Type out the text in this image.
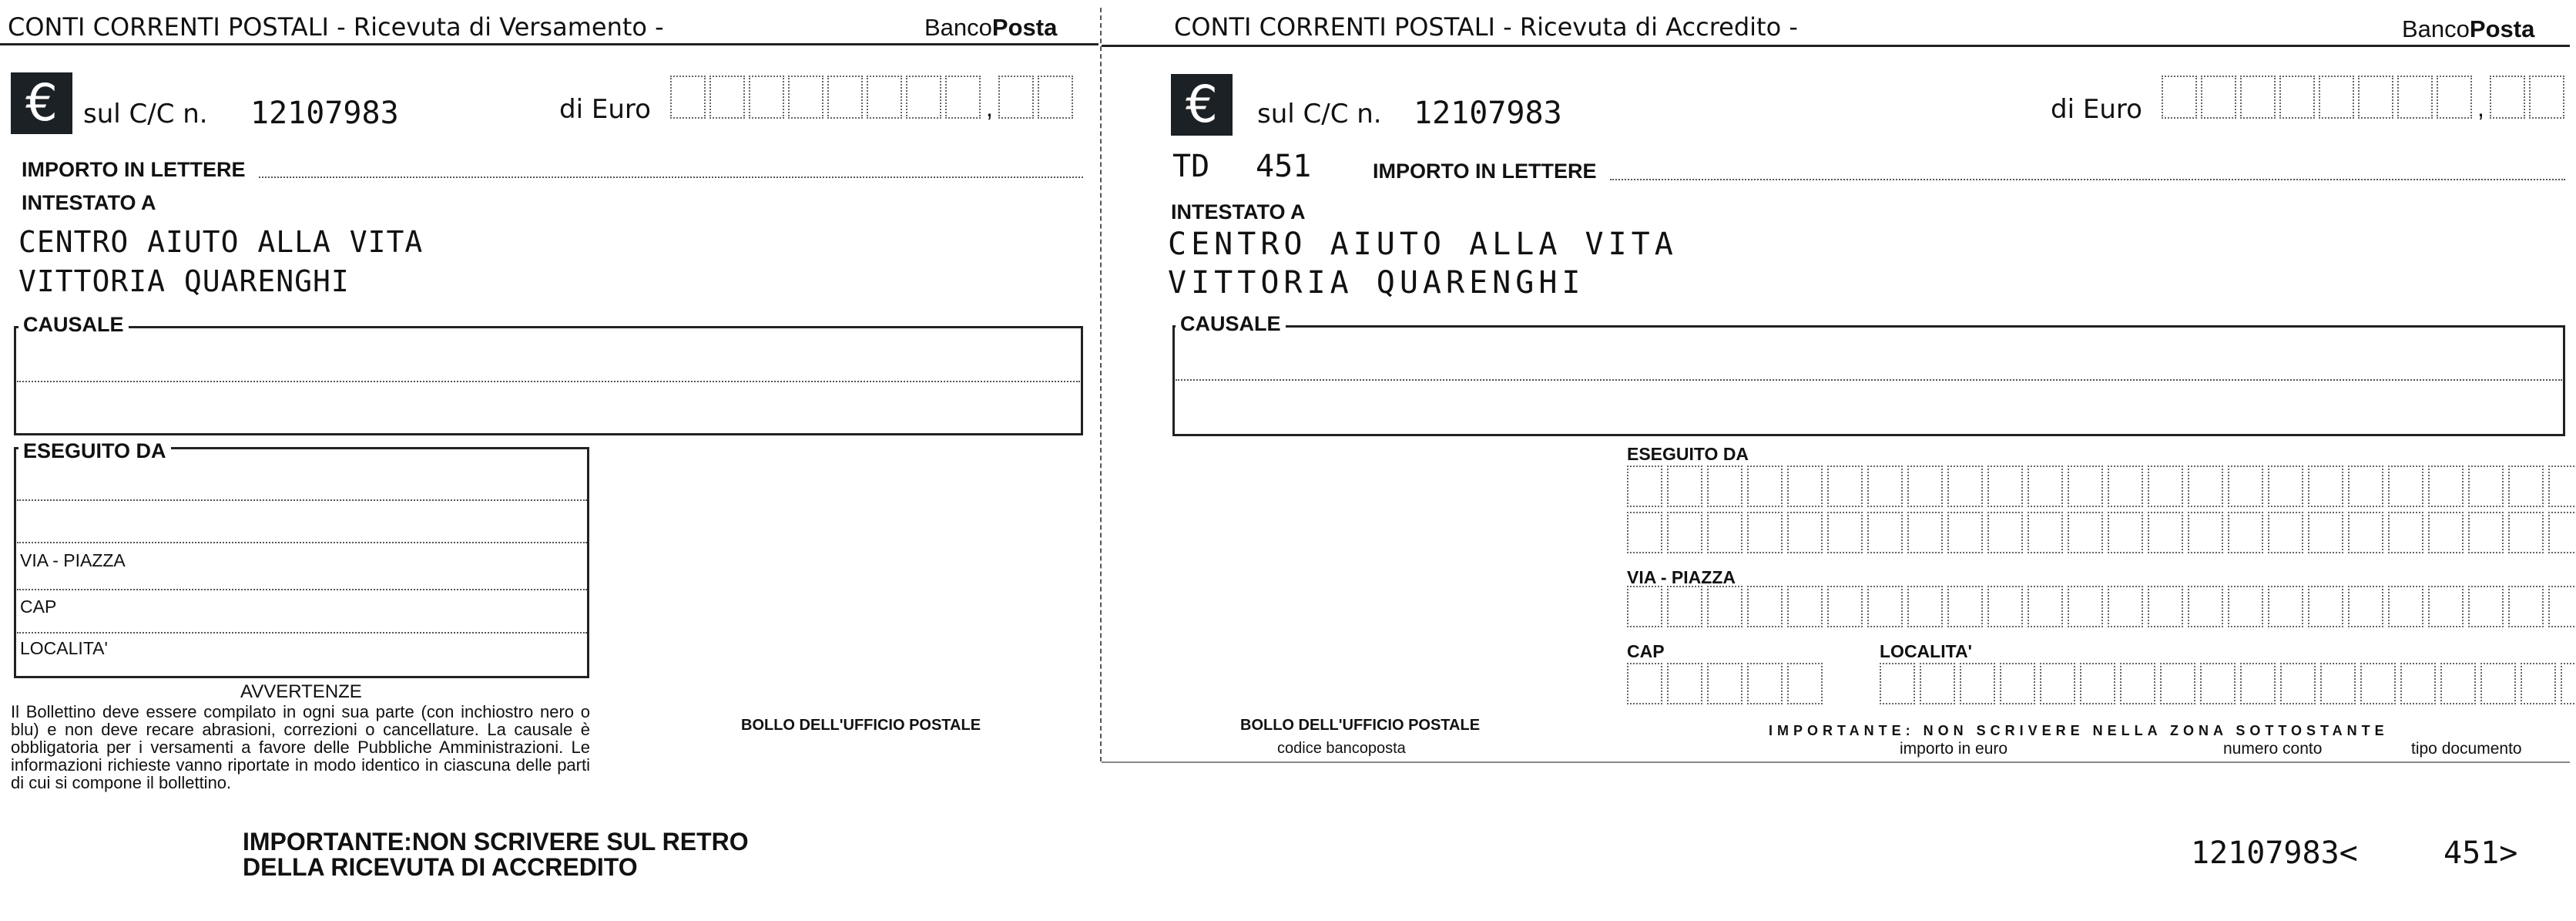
CONTI CORRENTI POSTALI - Ricevuta di Versamento -	BancoPosta
€ sul C/C n. 12107983	di Euro	,
IMPORTO IN LETTERE
INTESTATO A
CENTRO AIUTO ALLA VITA
VITTORIA QUARENGHI
CAUSALE
ESEGUITO DA
VIA - PIAZZA
CAP
LOCALITA'
AVVERTENZE
Il Bollettino deve essere compilato in ogni sua parte (con inchiostro nero o blu) e non deve recare abrasioni, correzioni o cancellature. La causale è obbligatoria per i versamenti a favore delle Pubbliche Amministrazioni. Le informazioni richieste vanno riportate in modo identico in ciascuna delle parti di cui si compone il bollettino.
BOLLO DELL'UFFICIO POSTALE
IMPORTANTE:NON SCRIVERE SUL RETRO
DELLA RICEVUTA DI ACCREDITO
CONTI CORRENTI POSTALI - Ricevuta di Accredito -	BancoPosta
€	sul C/C n. 12107983	di Euro	,
TD 451	IMPORTO IN LETTERE
INTESTATO A
CENTRO AIUTO ALLA VITA
VITTORIA QUARENGHI
CAUSALE
ESEGUITO DA
VIA - PIAZZA
CAP	LOCALITA'
BOLLO DELL'UFFICIO POSTALE
codice bancoposta
IMPORTANTE: NON SCRIVERE NELLA ZONA SOTTOSTANTE
importo in euro	numero conto	tipo documento
12107983<	451>
